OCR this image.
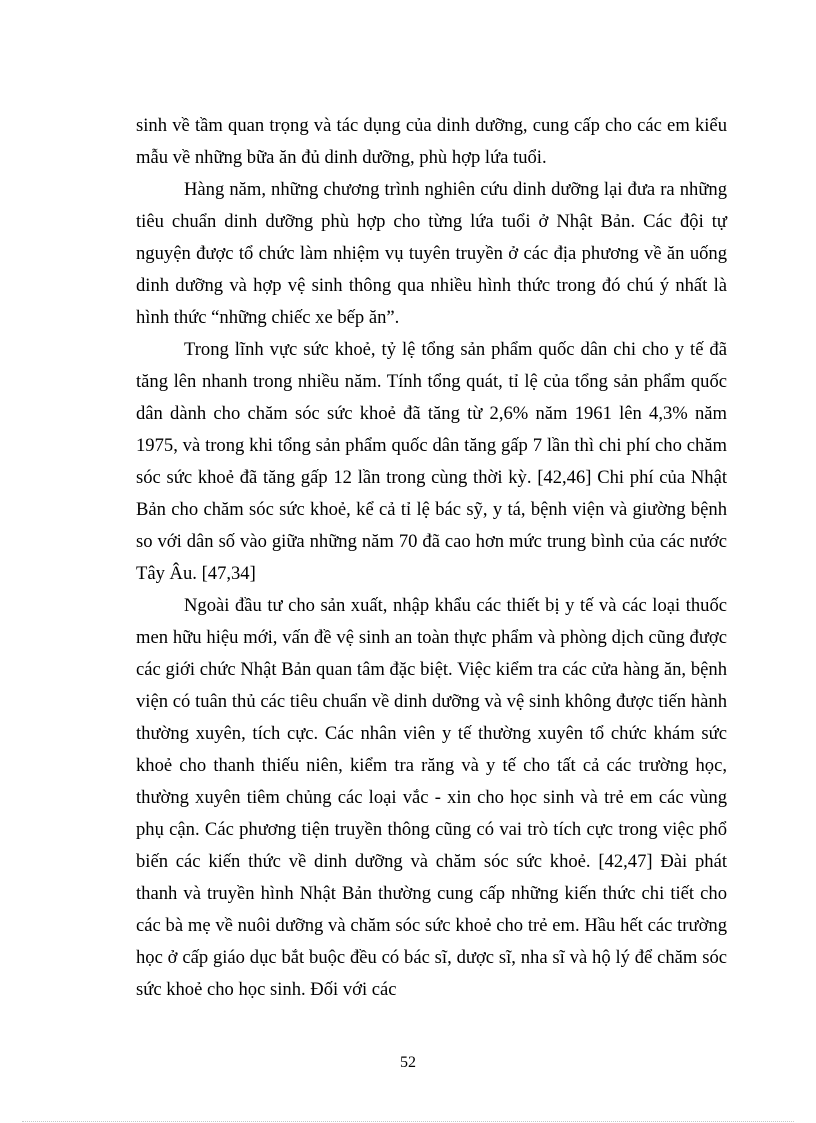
sinh về tầm quan trọng và tác dụng của dinh dưỡng, cung cấp cho các em kiểu mẫu về những bữa ăn đủ dinh dưỡng, phù hợp lứa tuổi.

Hàng năm, những chương trình nghiên cứu dinh dưỡng lại đưa ra những tiêu chuẩn dinh dưỡng phù hợp cho từng lứa tuổi ở Nhật Bản. Các đội tự nguyện được tổ chức làm nhiệm vụ tuyên truyền ở các địa phương về ăn uống dinh dưỡng và hợp vệ sinh thông qua nhiều hình thức trong đó chú ý nhất là hình thức “những chiếc xe bếp ăn”.

Trong lĩnh vực sức khoẻ, tỷ lệ tổng sản phẩm quốc dân chi cho y tế đã tăng lên nhanh trong nhiều năm. Tính tổng quát, tỉ lệ của tổng sản phẩm quốc dân dành cho chăm sóc sức khoẻ đã tăng từ 2,6% năm 1961 lên 4,3% năm 1975, và trong khi tổng sản phẩm quốc dân tăng gấp 7 lần thì chi phí cho chăm sóc sức khoẻ đã tăng gấp 12 lần trong cùng thời kỳ. [42,46] Chi phí của Nhật Bản cho chăm sóc sức khoẻ, kể cả tỉ lệ bác sỹ, y tá, bệnh viện và giường bệnh so với dân số vào giữa những năm 70 đã cao hơn mức trung bình của các nước Tây Âu. [47,34]

Ngoài đầu tư cho sản xuất, nhập khẩu các thiết bị y tế và các loại thuốc men hữu hiệu mới, vấn đề vệ sinh an toàn thực phẩm và phòng dịch cũng được các giới chức Nhật Bản quan tâm đặc biệt. Việc kiểm tra các cửa hàng ăn, bệnh viện có tuân thủ các tiêu chuẩn về dinh dưỡng và vệ sinh không được tiến hành thường xuyên, tích cực. Các nhân viên y tế thường xuyên tổ chức khám sức khoẻ cho thanh thiếu niên, kiểm tra răng và y tế cho tất cả các trường học, thường xuyên tiêm chủng các loại vắc - xin cho học sinh và trẻ em các vùng phụ cận. Các phương tiện truyền thông cũng có vai trò tích cực trong việc phổ biến các kiến thức về dinh dưỡng và chăm sóc sức khoẻ. [42,47] Đài phát thanh và truyền hình Nhật Bản thường cung cấp những kiến thức chi tiết cho các bà mẹ về nuôi dưỡng và chăm sóc sức khoẻ cho trẻ em. Hầu hết các trường học ở cấp giáo dục bắt buộc đều có bác sĩ, dược sĩ, nha sĩ và hộ lý để chăm sóc sức khoẻ cho học sinh. Đối với các

52
